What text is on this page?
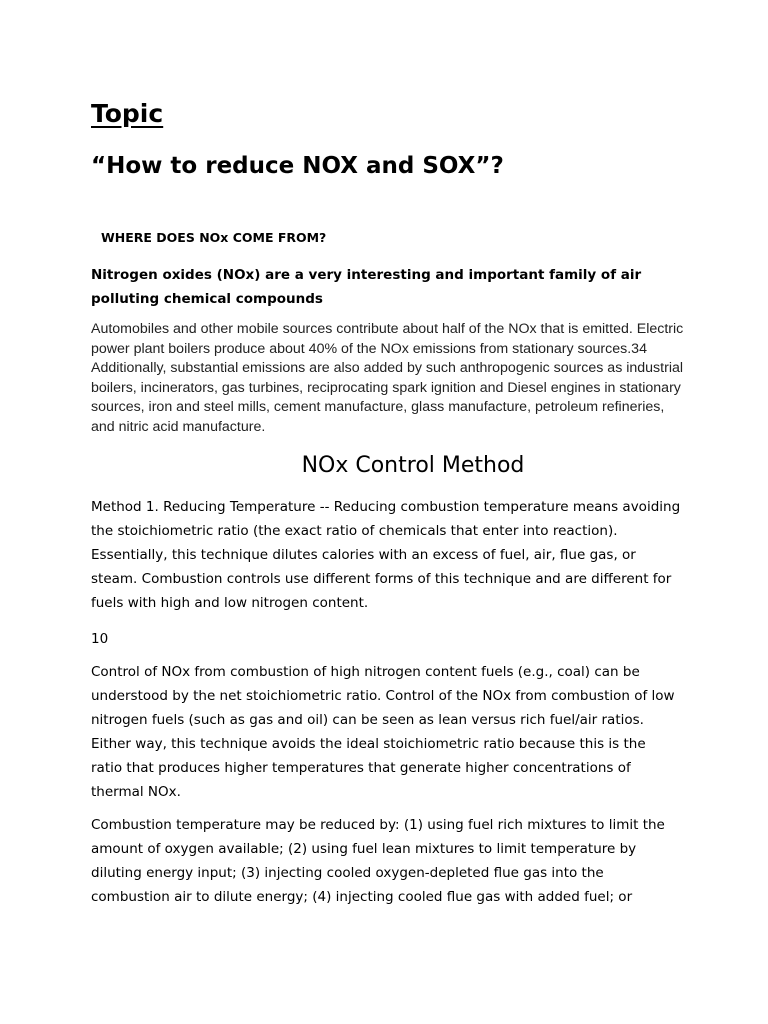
Topic
“How to reduce NOX and SOX”?
WHERE DOES NOx COME FROM?
Nitrogen oxides (NOx) are a very interesting and important family of air polluting chemical compounds
Automobiles and other mobile sources contribute about half of the NOx that is emitted. Electric power plant boilers produce about 40% of the NOx emissions from stationary sources.34 Additionally, substantial emissions are also added by such anthropogenic sources as industrial boilers, incinerators, gas turbines, reciprocating spark ignition and Diesel engines in stationary sources, iron and steel mills, cement manufacture, glass manufacture, petroleum refineries, and nitric acid manufacture.
NOx Control Method
Method 1. Reducing Temperature -- Reducing combustion temperature means avoiding the stoichiometric ratio (the exact ratio of chemicals that enter into reaction). Essentially, this technique dilutes calories with an excess of fuel, air, flue gas, or steam. Combustion controls use different forms of this technique and are different for fuels with high and low nitrogen content.
10
Control of NOx from combustion of high nitrogen content fuels (e.g., coal) can be understood by the net stoichiometric ratio. Control of the NOx from combustion of low nitrogen fuels (such as gas and oil) can be seen as lean versus rich fuel/air ratios. Either way, this technique avoids the ideal stoichiometric ratio because this is the ratio that produces higher temperatures that generate higher concentrations of thermal NOx.
Combustion temperature may be reduced by: (1) using fuel rich mixtures to limit the amount of oxygen available; (2) using fuel lean mixtures to limit temperature by diluting energy input; (3) injecting cooled oxygen-depleted flue gas into the combustion air to dilute energy; (4) injecting cooled flue gas with added fuel; or
